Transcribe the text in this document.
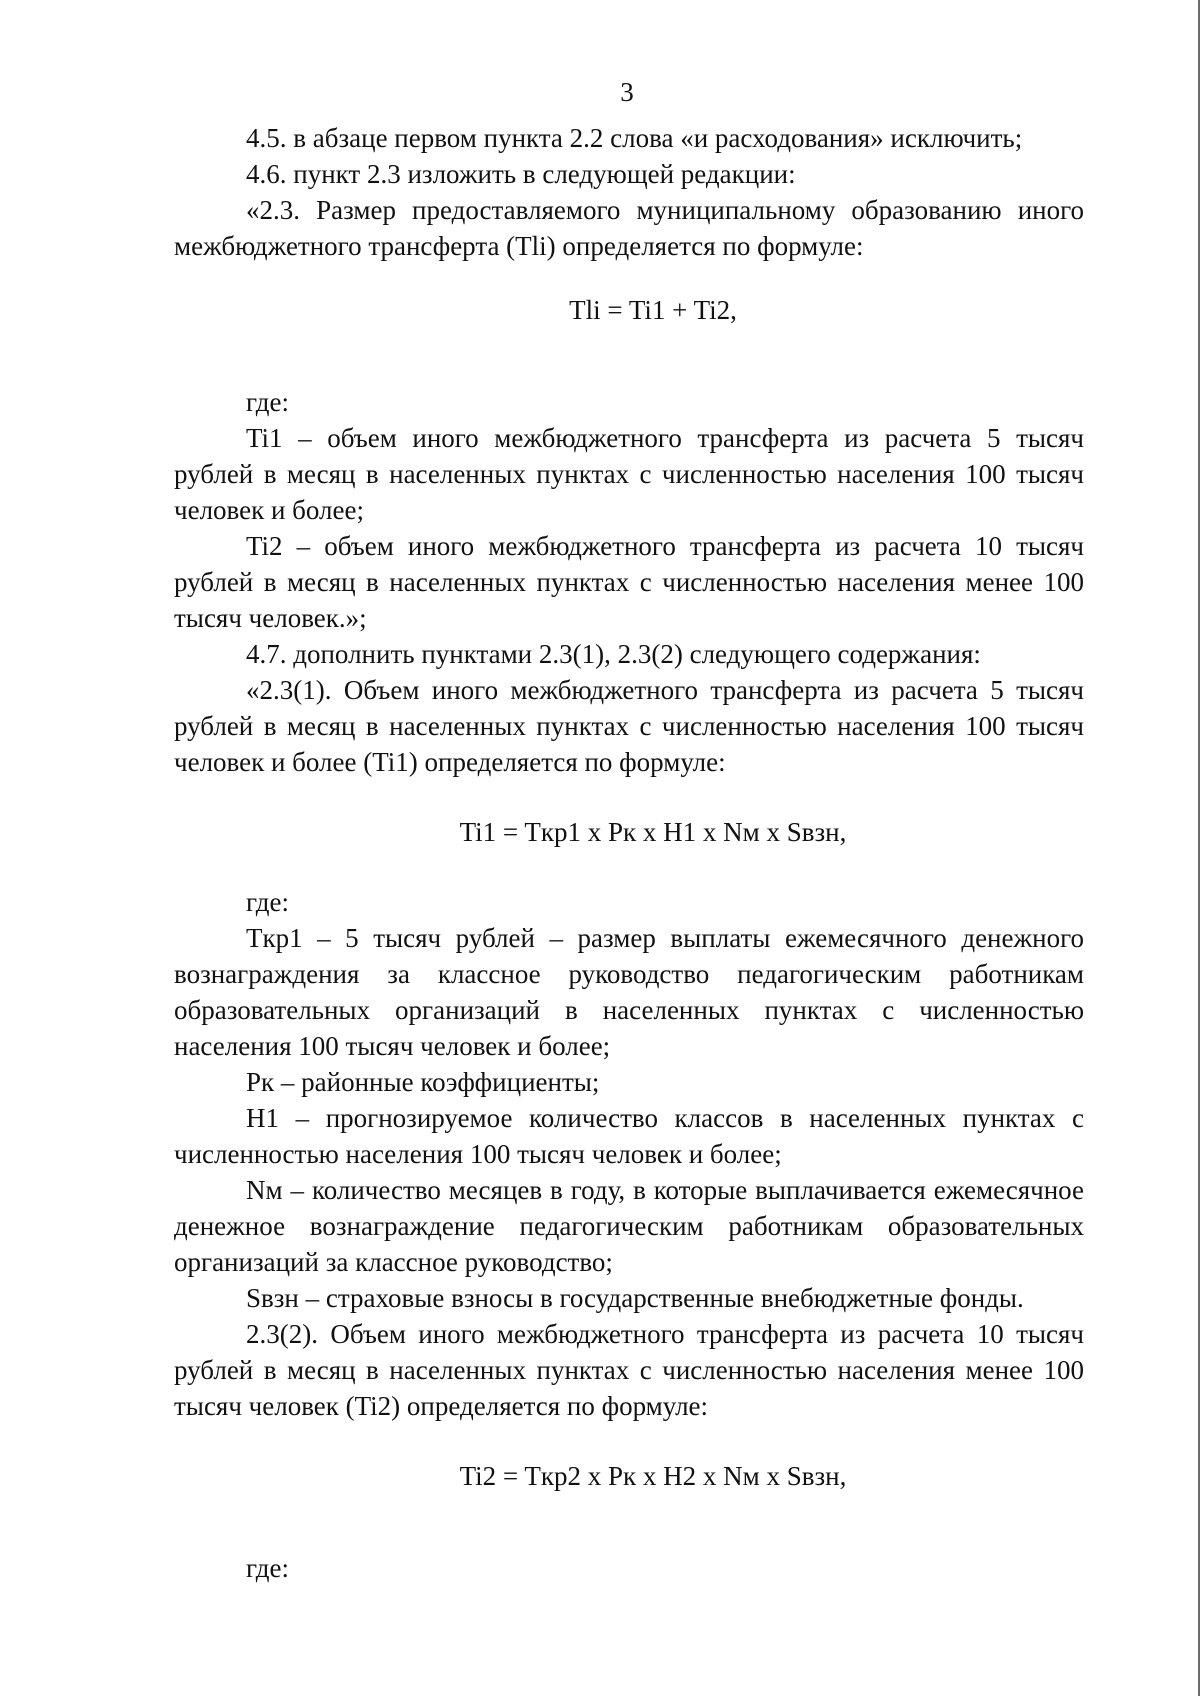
3

4.5. в абзаце первом пункта 2.2 слова «и расходования» исключить;

4.6. пункт 2.3 изложить в следующей редакции:

«2.3. Размер предоставляемого муниципальному образованию иного межбюджетного трансферта (Tli) определяется по формуле:

Tli = Ti1 + Ti2,

где:

Ti1 – объем иного межбюджетного трансферта из расчета 5 тысяч рублей в месяц в населенных пунктах с численностью населения 100 тысяч человек и более;

Ti2 – объем иного межбюджетного трансферта из расчета 10 тысяч рублей в месяц в населенных пунктах с численностью населения менее 100 тысяч человек.»;

4.7. дополнить пунктами 2.3(1), 2.3(2) следующего содержания:

«2.3(1). Объем иного межбюджетного трансферта из расчета 5 тысяч рублей в месяц в населенных пунктах с численностью населения 100 тысяч человек и более (Ti1) определяется по формуле:

Ti1 = Tкр1 x Рк x H1 x Nм x Sвзн,

где:

Tкр1 – 5 тысяч рублей – размер выплаты ежемесячного денежного вознаграждения за классное руководство педагогическим работникам образовательных организаций в населенных пунктах с численностью населения 100 тысяч человек и более;

Рк – районные коэффициенты;

H1 – прогнозируемое количество классов в населенных пунктах с численностью населения 100 тысяч человек и более;

Nм – количество месяцев в году, в которые выплачивается ежемесячное денежное вознаграждение педагогическим работникам образовательных организаций за классное руководство;

Sвзн – страховые взносы в государственные внебюджетные фонды.

2.3(2). Объем иного межбюджетного трансферта из расчета 10 тысяч рублей в месяц в населенных пунктах с численностью населения менее 100 тысяч человек (Ti2) определяется по формуле:

Ti2 = Tкр2 x Рк x H2 x Nм x Sвзн,

где:
